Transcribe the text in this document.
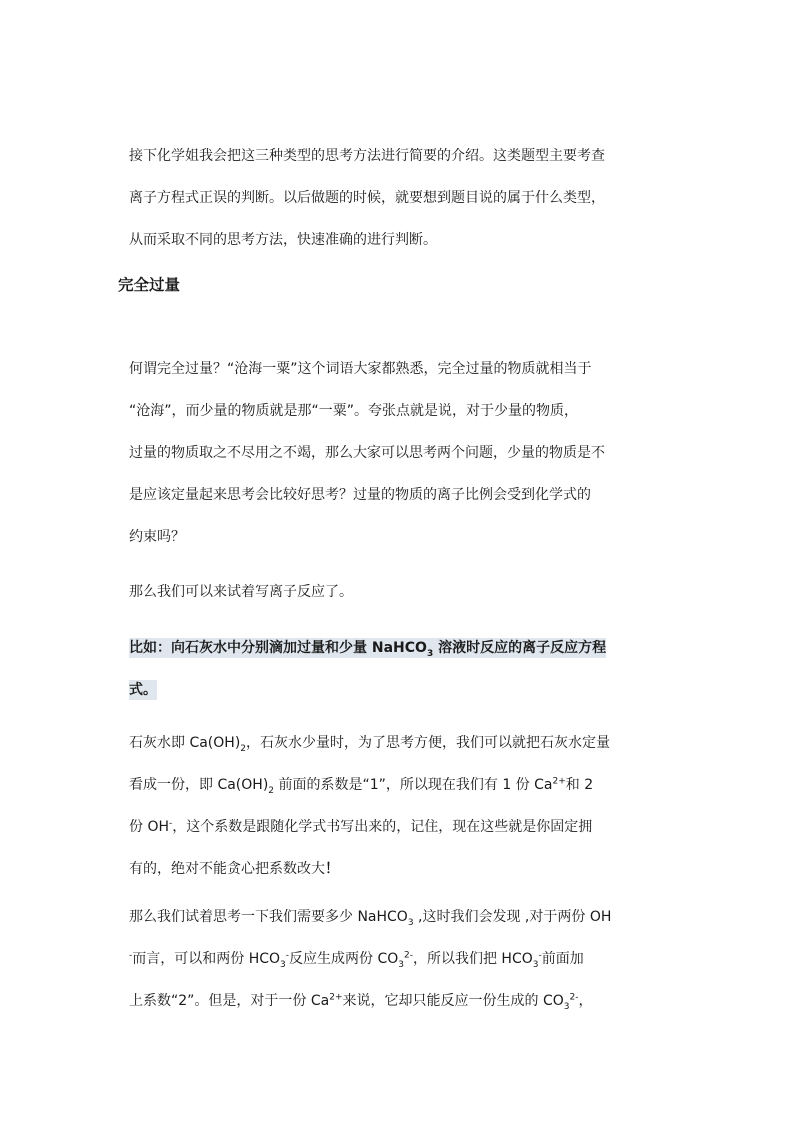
接下化学姐我会把这三种类型的思考方法进行简要的介绍。这类题型主要考查
离子方程式正误的判断。以后做题的时候，就要想到题目说的属于什么类型，
从而采取不同的思考方法，快速准确的进行判断。
完全过量
何谓完全过量？“沧海一粟”这个词语大家都熟悉，完全过量的物质就相当于
“沧海”，而少量的物质就是那“一粟”。夸张点就是说，对于少量的物质，
过量的物质取之不尽用之不竭，那么大家可以思考两个问题，少量的物质是不
是应该定量起来思考会比较好思考？过量的物质的离子比例会受到化学式的
约束吗？
那么我们可以来试着写离子反应了。
比如：向石灰水中分别滴加过量和少量 NaHCO$_3$ 溶液时反应的离子反应方程
式。
石灰水即 $Ca(OH)_2$，石灰水少量时，为了思考方便，我们可以就把石灰水定量
看成一份，即 $Ca(OH)_2$ 前面的系数是“1”，所以现在我们有 1 份 $Ca^{2+}$和 2
份 OH-，这个系数是跟随化学式书写出来的，记住，现在这些就是你固定拥
有的，绝对不能贪心把系数改大！
那么我们试着思考一下我们需要多少 NaHCO$_3$ ,这时我们会发现 ,对于两份 OH
-而言，可以和两份 $HCO_3^-$反应生成两份 $CO_3^{2-}$，所以我们把 $HCO_3^-$前面加
上系数“2”。但是，对于一份 $Ca^{2+}$来说，它却只能反应一份生成的 $CO_3^{2-}$，
